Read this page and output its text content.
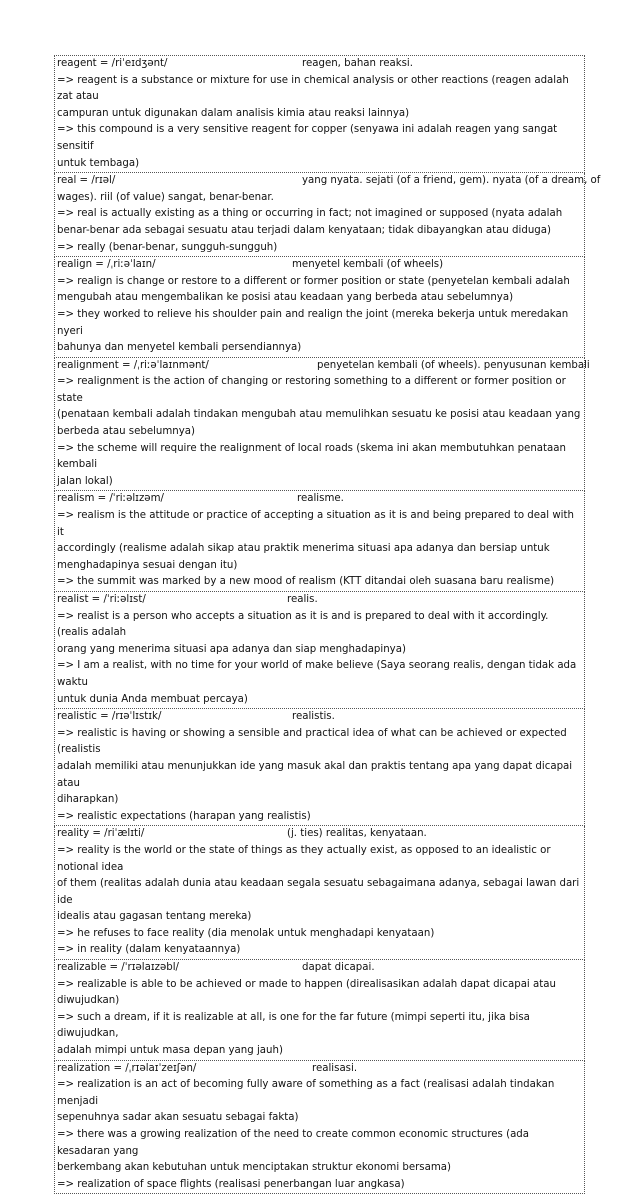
reagent = /riˈeɪdʒənt/	reagen, bahan reaksi.
=> reagent is a substance or mixture for use in chemical analysis or other reactions (reagen adalah zat atau
campuran untuk digunakan dalam analisis kimia atau reaksi lainnya)
=> this compound is a very sensitive reagent for copper (senyawa ini adalah reagen yang sangat sensitif
untuk tembaga)
real = /rɪəl/	yang nyata. sejati (of a friend, gem). nyata (of a dream, of
wages). riil (of value) sangat, benar-benar.
=> real is actually existing as a thing or occurring in fact; not imagined or supposed (nyata adalah
benar-benar ada sebagai sesuatu atau terjadi dalam kenyataan; tidak dibayangkan atau diduga)
=> really (benar-benar, sungguh-sungguh)
realign = /ˌriːəˈlaɪn/	menyetel kembali (of wheels)
=> realign is change or restore to a different or former position or state (penyetelan kembali adalah
mengubah atau mengembalikan ke posisi atau keadaan yang berbeda atau sebelumnya)
=> they worked to relieve his shoulder pain and realign the joint (mereka bekerja untuk meredakan nyeri
bahunya dan menyetel kembali persendiannya)
realignment = /ˌriːəˈlaɪnmənt/	penyetelan kembali (of wheels). penyusunan kembali
=> realignment is the action of changing or restoring something to a different or former position or state
(penataan kembali adalah tindakan mengubah atau memulihkan sesuatu ke posisi atau keadaan yang
berbeda atau sebelumnya)
=> the scheme will require the realignment of local roads (skema ini akan membutuhkan penataan kembali
jalan lokal)
realism = /ˈriːəlɪzəm/	realisme.
=> realism is the attitude or practice of accepting a situation as it is and being prepared to deal with it
accordingly (realisme adalah sikap atau praktik menerima situasi apa adanya dan bersiap untuk
menghadapinya sesuai dengan itu)
=> the summit was marked by a new mood of realism (KTT ditandai oleh suasana baru realisme)
realist = /ˈriːəlɪst/	realis.
=> realist is a person who accepts a situation as it is and is prepared to deal with it accordingly. (realis adalah
orang yang menerima situasi apa adanya dan siap menghadapinya)
=> I am a realist, with no time for your world of make believe (Saya seorang realis, dengan tidak ada waktu
untuk dunia Anda membuat percaya)
realistic = /rɪəˈlɪstɪk/	realistis.
=> realistic is having or showing a sensible and practical idea of what can be achieved or expected (realistis
adalah memiliki atau menunjukkan ide yang masuk akal dan praktis tentang apa yang dapat dicapai atau
diharapkan)
=> realistic expectations (harapan yang realistis)
reality = /riˈælɪti/	(j. ties) realitas, kenyataan.
=> reality is the world or the state of things as they actually exist, as opposed to an idealistic or notional idea
of them (realitas adalah dunia atau keadaan segala sesuatu sebagaimana adanya, sebagai lawan dari ide
idealis atau gagasan tentang mereka)
=> he refuses to face reality (dia menolak untuk menghadapi kenyataan)
=> in reality (dalam kenyataannya)
realizable = /ˈrɪəlaɪzəbl/	dapat dicapai.
=> realizable is able to be achieved or made to happen (direalisasikan adalah dapat dicapai atau diwujudkan)
=> such a dream, if it is realizable at all, is one for the far future (mimpi seperti itu, jika bisa diwujudkan,
adalah mimpi untuk masa depan yang jauh)
realization = /ˌrɪəlaɪˈzeɪʃən/	realisasi.
=> realization is an act of becoming fully aware of something as a fact (realisasi adalah tindakan menjadi
sepenuhnya sadar akan sesuatu sebagai fakta)
=> there was a growing realization of the need to create common economic structures (ada kesadaran yang
berkembang akan kebutuhan untuk menciptakan struktur ekonomi bersama)
=> realization of space flights (realisasi penerbangan luar angkasa)
